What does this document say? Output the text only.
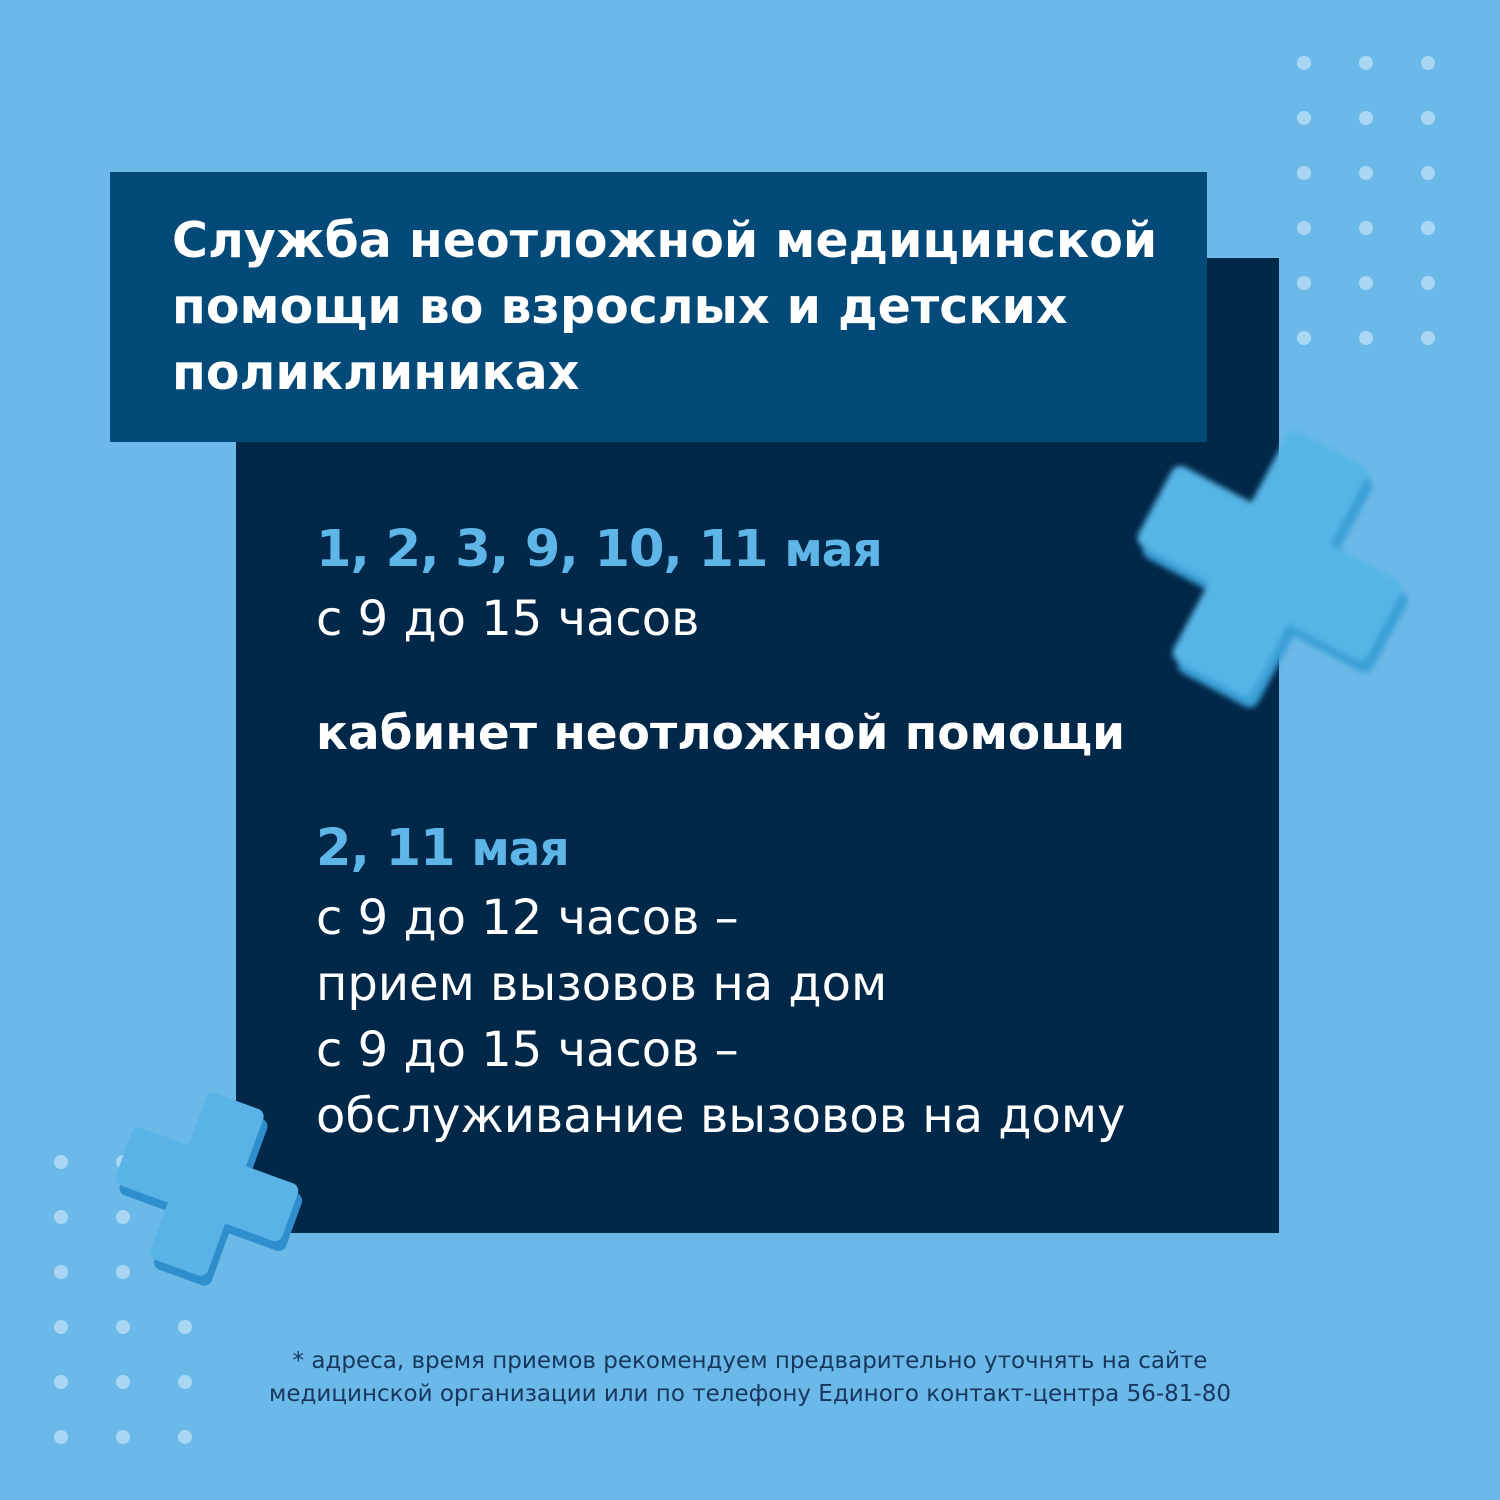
Служба неотложной медицинской
помощи во взрослых и детских
поликлиниках
1, 2, 3, 9, 10, 11 мая
с 9 до 15 часов
кабинет неотложной помощи
2, 11 мая
с 9 до 12 часов –
прием вызовов на дом
с 9 до 15 часов –
обслуживание вызовов на дому
* адреса, время приемов рекомендуем предварительно уточнять на сайте
медицинской организации или по телефону Единого контакт-центра 56-81-80
